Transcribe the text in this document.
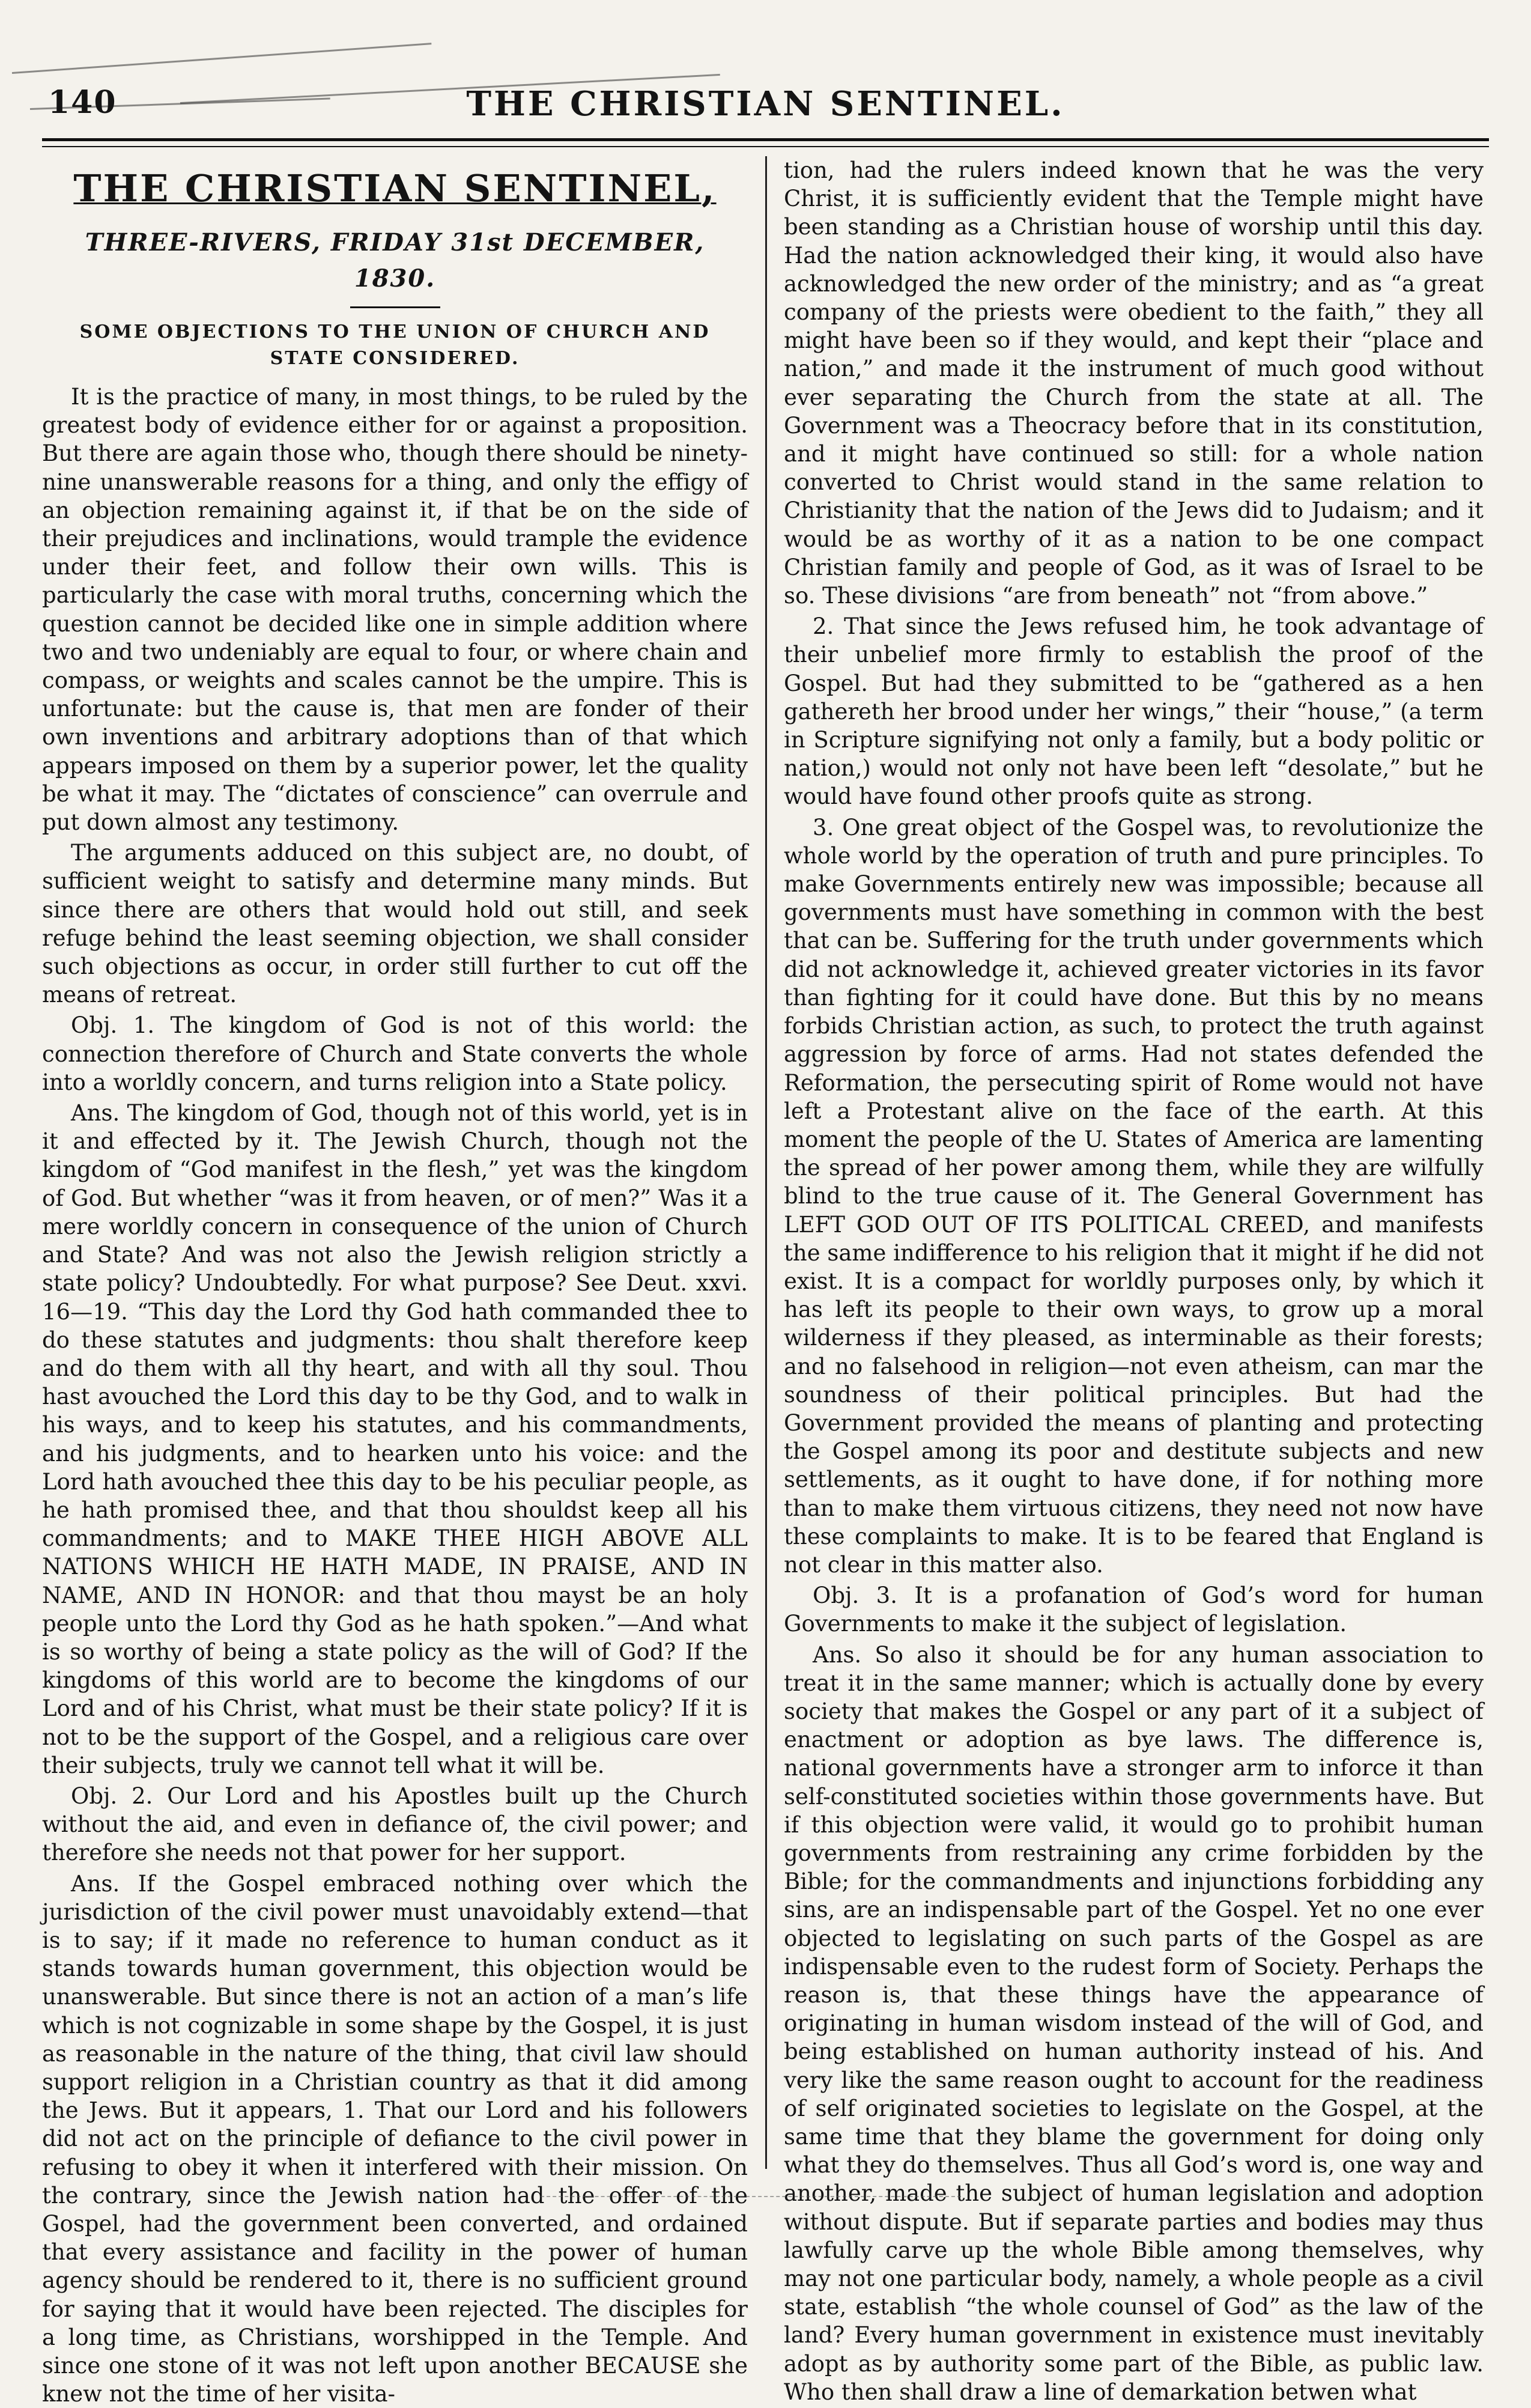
140	THE CHRISTIAN SENTINEL.
THE CHRISTIAN SENTINEL,
THREE-RIVERS, FRIDAY 31st DECEMBER, 1830.
SOME OBJECTIONS TO THE UNION OF CHURCH AND STATE CONSIDERED.

It is the practice of many, in most things, to be ruled by the greatest body of evidence either for or against a proposition. But there are again those who, though there should be ninety-nine unanswerable reasons for a thing, and only the effigy of an objection remaining against it, if that be on the side of their prejudices and inclinations, would trample the evidence under their feet, and follow their own wills. This is particularly the case with moral truths, concerning which the question cannot be decided like one in simple addition where two and two undeniably are equal to four, or where chain and compass, or weights and scales cannot be the umpire. This is unfortunate: but the cause is, that men are fonder of their own inventions and arbitrary adoptions than of that which appears imposed on them by a superior power, let the quality be what it may. The “dictates of conscience” can overrule and put down almost any testimony.

The arguments adduced on this subject are, no doubt, of sufficient weight to satisfy and determine many minds. But since there are others that would hold out still, and seek refuge behind the least seeming objection, we shall consider such objections as occur, in order still further to cut off the means of retreat.

Obj. 1. The kingdom of God is not of this world: the connection therefore of Church and State converts the whole into a worldly concern, and turns religion into a State policy.

Ans. The kingdom of God, though not of this world, yet is in it and effected by it. The Jewish Church, though not the kingdom of “God manifest in the flesh,” yet was the kingdom of God. But whether “was it from heaven, or of men?” Was it a mere worldly concern in consequence of the union of Church and State? And was not also the Jewish religion strictly a state policy? Undoubtedly. For what purpose? See Deut. xxvi. 16—19. “This day the Lord thy God hath commanded thee to do these statutes and judgments: thou shalt therefore keep and do them with all thy heart, and with all thy soul. Thou hast avouched the Lord this day to be thy God, and to walk in his ways, and to keep his statutes, and his commandments, and his judgments, and to hearken unto his voice: and the Lord hath avouched thee this day to be his peculiar people, as he hath promised thee, and that thou shouldst keep all his commandments; and to MAKE THEE HIGH ABOVE ALL NATIONS WHICH HE HATH MADE, IN PRAISE, AND IN NAME, AND IN HONOR: and that thou mayst be an holy people unto the Lord thy God as he hath spoken.”—And what is so worthy of being a state policy as the will of God? If the kingdoms of this world are to become the kingdoms of our Lord and of his Christ, what must be their state policy? If it is not to be the support of the Gospel, and a religious care over their subjects, truly we cannot tell what it will be.

Obj. 2. Our Lord and his Apostles built up the Church without the aid, and even in defiance of, the civil power; and therefore she needs not that power for her support.

Ans. If the Gospel embraced nothing over which the jurisdiction of the civil power must unavoidably extend—that is to say; if it made no reference to human conduct as it stands towards human government, this objection would be unanswerable. But since there is not an action of a man’s life which is not cognizable in some shape by the Gospel, it is just as reasonable in the nature of the thing, that civil law should support religion in a Christian country as that it did among the Jews. But it appears, 1. That our Lord and his followers did not act on the principle of defiance to the civil power in refusing to obey it when it interfered with their mission. On the contrary, since the Jewish nation had the offer of the Gospel, had the government been converted, and ordained that every assistance and facility in the power of human agency should be rendered to it, there is no sufficient ground for saying that it would have been rejected. The disciples for a long time, as Christians, worshipped in the Temple. And since one stone of it was not left upon another BECAUSE she knew not the time of her visita-

tion, had the rulers indeed known that he was the very Christ, it is sufficiently evident that the Temple might have been standing as a Christian house of worship until this day. Had the nation acknowledged their king, it would also have acknowledged the new order of the ministry; and as “a great company of the priests were obedient to the faith,” they all might have been so if they would, and kept their “place and nation,” and made it the instrument of much good without ever separating the Church from the state at all. The Government was a Theocracy before that in its constitution, and it might have continued so still: for a whole nation converted to Christ would stand in the same relation to Christianity that the nation of the Jews did to Judaism; and it would be as worthy of it as a nation to be one compact Christian family and people of God, as it was of Israel to be so. These divisions “are from beneath” not “from above.”

2. That since the Jews refused him, he took advantage of their unbelief more firmly to establish the proof of the Gospel. But had they submitted to be “gathered as a hen gathereth her brood under her wings,” their “house,” (a term in Scripture signifying not only a family, but a body politic or nation,) would not only not have been left “desolate,” but he would have found other proofs quite as strong.

3. One great object of the Gospel was, to revolutionize the whole world by the operation of truth and pure principles. To make Governments entirely new was impossible; because all governments must have something in common with the best that can be. Suffering for the truth under governments which did not acknowledge it, achieved greater victories in its favor than fighting for it could have done. But this by no means forbids Christian action, as such, to protect the truth against aggression by force of arms. Had not states defended the Reformation, the persecuting spirit of Rome would not have left a Protestant alive on the face of the earth. At this moment the people of the U. States of America are lamenting the spread of her power among them, while they are wilfully blind to the true cause of it. The General Government has LEFT GOD OUT OF ITS POLITICAL CREED, and manifests the same indifference to his religion that it might if he did not exist. It is a compact for worldly purposes only, by which it has left its people to their own ways, to grow up a moral wilderness if they pleased, as interminable as their forests; and no falsehood in religion—not even atheism, can mar the soundness of their political principles. But had the Government provided the means of planting and protecting the Gospel among its poor and destitute subjects and new settlements, as it ought to have done, if for nothing more than to make them virtuous citizens, they need not now have these complaints to make. It is to be feared that England is not clear in this matter also.

Obj. 3. It is a profanation of God’s word for human Governments to make it the subject of legislation.

Ans. So also it should be for any human association to treat it in the same manner; which is actually done by every society that makes the Gospel or any part of it a subject of enactment or adoption as bye laws. The difference is, national governments have a stronger arm to inforce it than self-constituted societies within those governments have. But if this objection were valid, it would go to prohibit human governments from restraining any crime forbidden by the Bible; for the commandments and injunctions forbidding any sins, are an indispensable part of the Gospel. Yet no one ever objected to legislating on such parts of the Gospel as are indispensable even to the rudest form of Society. Perhaps the reason is, that these things have the appearance of originating in human wisdom instead of the will of God, and being established on human authority instead of his. And very like the same reason ought to account for the readiness of self originated societies to legislate on the Gospel, at the same time that they blame the government for doing only what they do themselves. Thus all God’s word is, one way and another, made the subject of human legislation and adoption without dispute. But if separate parties and bodies may thus lawfully carve up the whole Bible among themselves, why may not one particular body, namely, a whole people as a civil state, establish “the whole counsel of God” as the law of the land? Every human government in existence must inevitably adopt as by authority some part of the Bible, as public law. Who then shall draw a line of demarkation betwen what
